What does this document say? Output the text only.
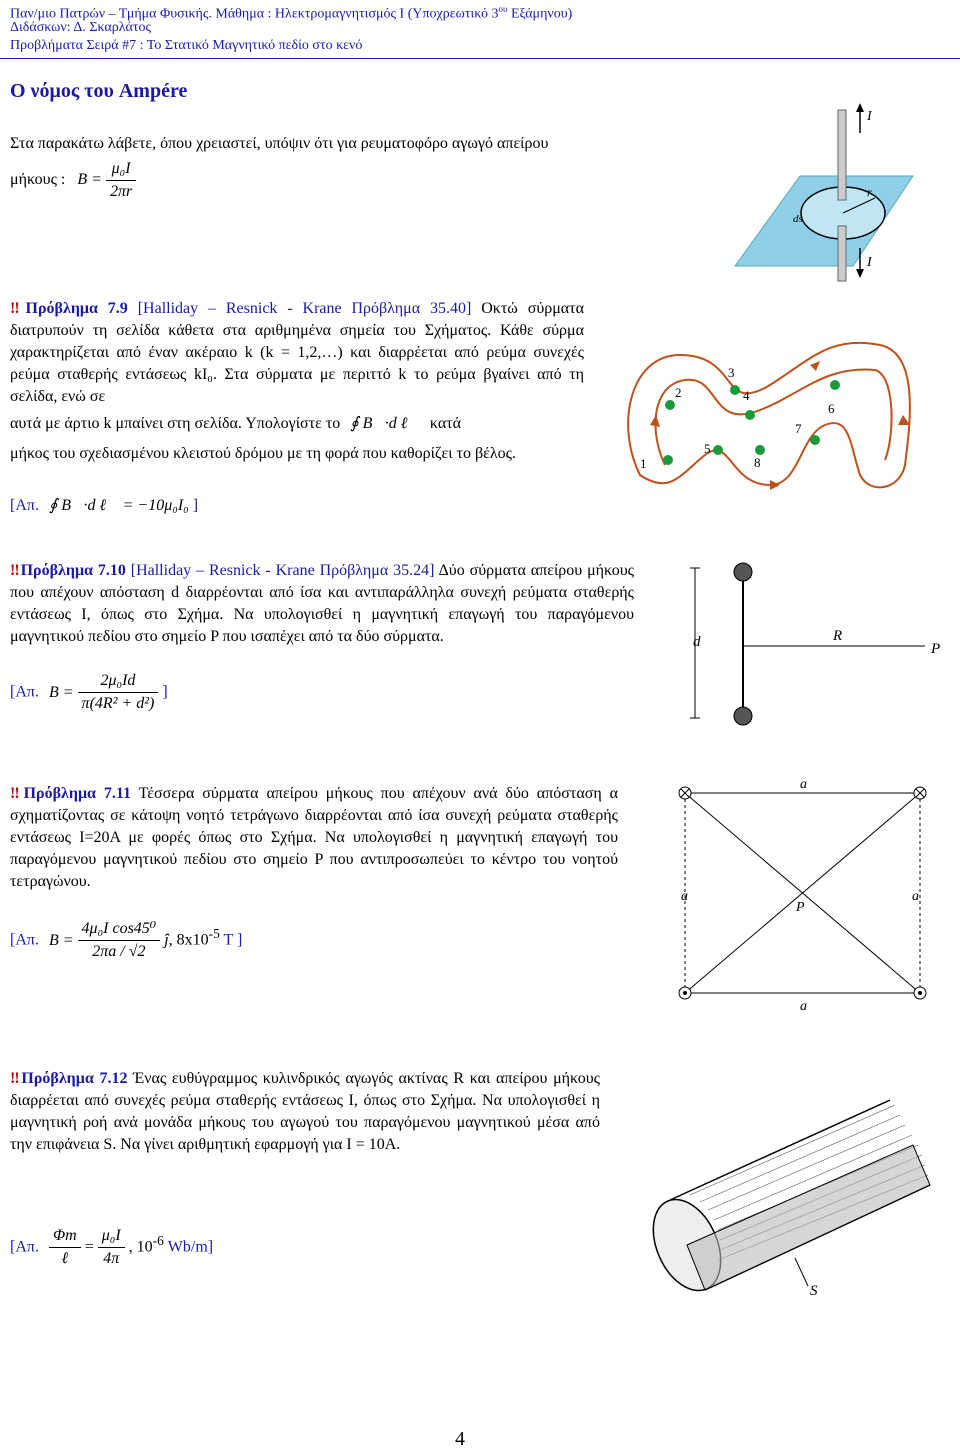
Παν/μιο Πατρών – Τμήμα Φυσικής. Μάθημα : Ηλεκτρομαγνητισμός Ι (Υποχρεωτικό $3^{o\upsilon}$ Εξάμηνου)
Διδάσκων: Δ. Σκαρλάτος
Προβλήματα Σειρά #7 : Το Στατικό Μαγνητικό πεδίο στο κενό
Ο νόμος του Ampére
Στα παρακάτω λάβετε, όπου χρειαστεί, υπόψιν ότι για ρευματοφόρο αγωγό απείρου
μήκους : $B = \frac{\text{μ₀I}}{2\pi r}$
I
I
r
ds
‼Πρόβλημα 7.9 [Halliday – Resnick - Krane Πρόβλημα 35.40] Οκτώ σύρματα διατρυπούν τη σελίδα κάθετα στα αριθμημένα σημεία του Σχήματος. Κάθε σύρμα χαρακτηρίζεται από έναν ακέραιο k (k = 1,2,…) και διαρρέεται από ρεύμα συνεχές ρεύμα σταθερής εντάσεως kI₀. Στα σύρματα με περιττό k το ρεύμα βγαίνει από τη σελίδα, ενώ σε
αυτά με άρτιο k μπαίνει στη σελίδα. Υπολογίστε το ∮ B⃗·d ℓ⃗ κατά
μήκος του σχεδιασμένου κλειστού δρόμου με τη φορά που καθορίζει το βέλος.
[Απ. ∮ B⃗·d ℓ⃗ = −10μ₀I₀ ]
1
2
3
4
5
6
7
8
‼Πρόβλημα 7.10 [Halliday – Resnick - Krane Πρόβλημα 35.24] Δύο σύρματα απείρου μήκους που απέχουν απόσταση d διαρρέονται από ίσα και αντιπαράλληλα συνεχή ρεύματα σταθερής εντάσεως I, όπως στο Σχήμα. Να υπολογισθεί η μαγνητική επαγωγή του παραγόμενου μαγνητικού πεδίου στο σημείο P που ισαπέχει από τα δύο σύρματα.
[Απ. $B = \frac{\text{2μ₀Id}}{\text{π(4R² + d²)}}$ ]
d	R
P
‼Πρόβλημα 7.11 Τέσσερα σύρματα απείρου μήκους που απέχουν ανά δύο απόσταση α σχηματίζοντας σε κάτοψη νοητό τετράγωνο διαρρέονται από ίσα συνεχή ρεύματα σταθερής εντάσεως I=20A με φορές όπως στο Σχήμα. Να υπολογισθεί η μαγνητική επαγωγή του παραγόμενου μαγνητικού πεδίου στο σημείο P που αντιπροσωπεύει το κέντρο του νοητού τετραγώνου.
[Απ. $B = \frac{\text{4μ₀I cos45⁰}}{2\pi a / √2}$ ĵ, $8x10^{-5}$ T ]
a
a
a	a
P
‼Πρόβλημα 7.12 Ένας ευθύγραμμος κυλινδρικός αγωγός ακτίνας R και απείρου μήκους διαρρέεται από συνεχές ρεύμα σταθερής εντάσεως I, όπως στο Σχήμα. Να υπολογισθεί η μαγνητική ροή ανά μονάδα μήκους του αγωγού του παραγόμενου μαγνητικού μέσα από την επιφάνεια S. Να γίνει αριθμητική εφαρμογή για I = 10A.
[Απ. $\frac{\Phi m}{\text{ℓ}} = \frac{\text{μ₀I}}{4\pi}$ , $10^{-6}$ Wb/m]
S
4
